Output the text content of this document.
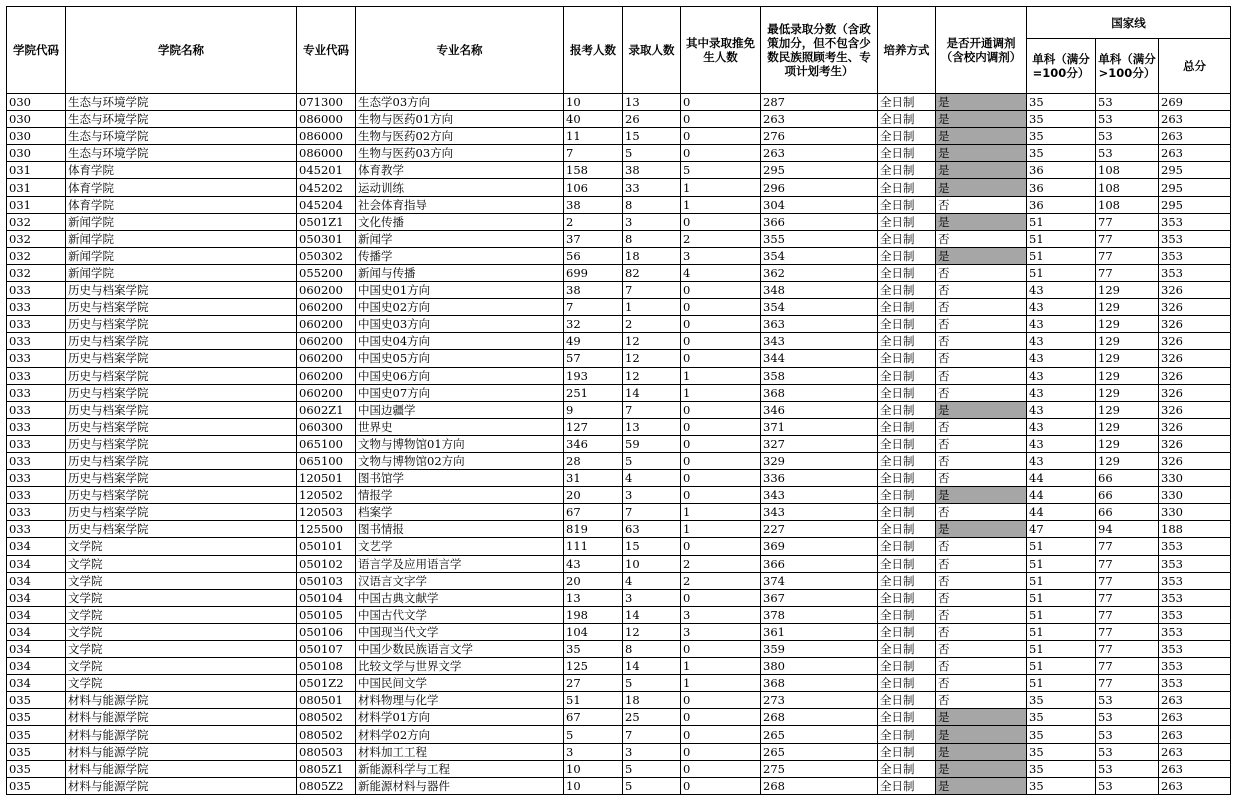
学院代码	学院名称	专业代码	专业名称	报考人数	录取人数	其中录取推免生人数	最低录取分数（含政策加分，但不包含少数民族照顾考生、专项计划考生）	培养方式	是否开通调剂（含校内调剂）	国家线		
										单科（满分=100分）	单科（满分>100分）	总分
030	生态与环境学院	071300	生态学03方向	10	13	0	287	全日制	是	35	53	269
030	生态与环境学院	086000	生物与医药01方向	40	26	0	263	全日制	是	35	53	263
030	生态与环境学院	086000	生物与医药02方向	11	15	0	276	全日制	是	35	53	263
030	生态与环境学院	086000	生物与医药03方向	7	5	0	263	全日制	是	35	53	263
031	体育学院	045201	体育教学	158	38	5	295	全日制	是	36	108	295
031	体育学院	045202	运动训练	106	33	1	296	全日制	是	36	108	295
031	体育学院	045204	社会体育指导	38	8	1	304	全日制	否	36	108	295
032	新闻学院	0501Z1	文化传播	2	3	0	366	全日制	是	51	77	353
032	新闻学院	050301	新闻学	37	8	2	355	全日制	否	51	77	353
032	新闻学院	050302	传播学	56	18	3	354	全日制	是	51	77	353
032	新闻学院	055200	新闻与传播	699	82	4	362	全日制	否	51	77	353
033	历史与档案学院	060200	中国史01方向	38	7	0	348	全日制	否	43	129	326
033	历史与档案学院	060200	中国史02方向	7	1	0	354	全日制	否	43	129	326
033	历史与档案学院	060200	中国史03方向	32	2	0	363	全日制	否	43	129	326
033	历史与档案学院	060200	中国史04方向	49	12	0	343	全日制	否	43	129	326
033	历史与档案学院	060200	中国史05方向	57	12	0	344	全日制	否	43	129	326
033	历史与档案学院	060200	中国史06方向	193	12	1	358	全日制	否	43	129	326
033	历史与档案学院	060200	中国史07方向	251	14	1	368	全日制	否	43	129	326
033	历史与档案学院	0602Z1	中国边疆学	9	7	0	346	全日制	是	43	129	326
033	历史与档案学院	060300	世界史	127	13	0	371	全日制	否	43	129	326
033	历史与档案学院	065100	文物与博物馆01方向	346	59	0	327	全日制	否	43	129	326
033	历史与档案学院	065100	文物与博物馆02方向	28	5	0	329	全日制	否	43	129	326
033	历史与档案学院	120501	图书馆学	31	4	0	336	全日制	否	44	66	330
033	历史与档案学院	120502	情报学	20	3	0	343	全日制	是	44	66	330
033	历史与档案学院	120503	档案学	67	7	1	343	全日制	否	44	66	330
033	历史与档案学院	125500	图书情报	819	63	1	227	全日制	是	47	94	188
034	文学院	050101	文艺学	111	15	0	369	全日制	否	51	77	353
034	文学院	050102	语言学及应用语言学	43	10	2	366	全日制	否	51	77	353
034	文学院	050103	汉语言文字学	20	4	2	374	全日制	否	51	77	353
034	文学院	050104	中国古典文献学	13	3	0	367	全日制	否	51	77	353
034	文学院	050105	中国古代文学	198	14	3	378	全日制	否	51	77	353
034	文学院	050106	中国现当代文学	104	12	3	361	全日制	否	51	77	353
034	文学院	050107	中国少数民族语言文学	35	8	0	359	全日制	否	51	77	353
034	文学院	050108	比较文学与世界文学	125	14	1	380	全日制	否	51	77	353
034	文学院	0501Z2	中国民间文学	27	5	1	368	全日制	否	51	77	353
035	材料与能源学院	080501	材料物理与化学	51	18	0	273	全日制	否	35	53	263
035	材料与能源学院	080502	材料学01方向	67	25	0	268	全日制	是	35	53	263
035	材料与能源学院	080502	材料学02方向	5	7	0	265	全日制	是	35	53	263
035	材料与能源学院	080503	材料加工工程	3	3	0	265	全日制	是	35	53	263
035	材料与能源学院	0805Z1	新能源科学与工程	10	5	0	275	全日制	是	35	53	263
035	材料与能源学院	0805Z2	新能源材料与器件	10	5	0	268	全日制	是	35	53	263
